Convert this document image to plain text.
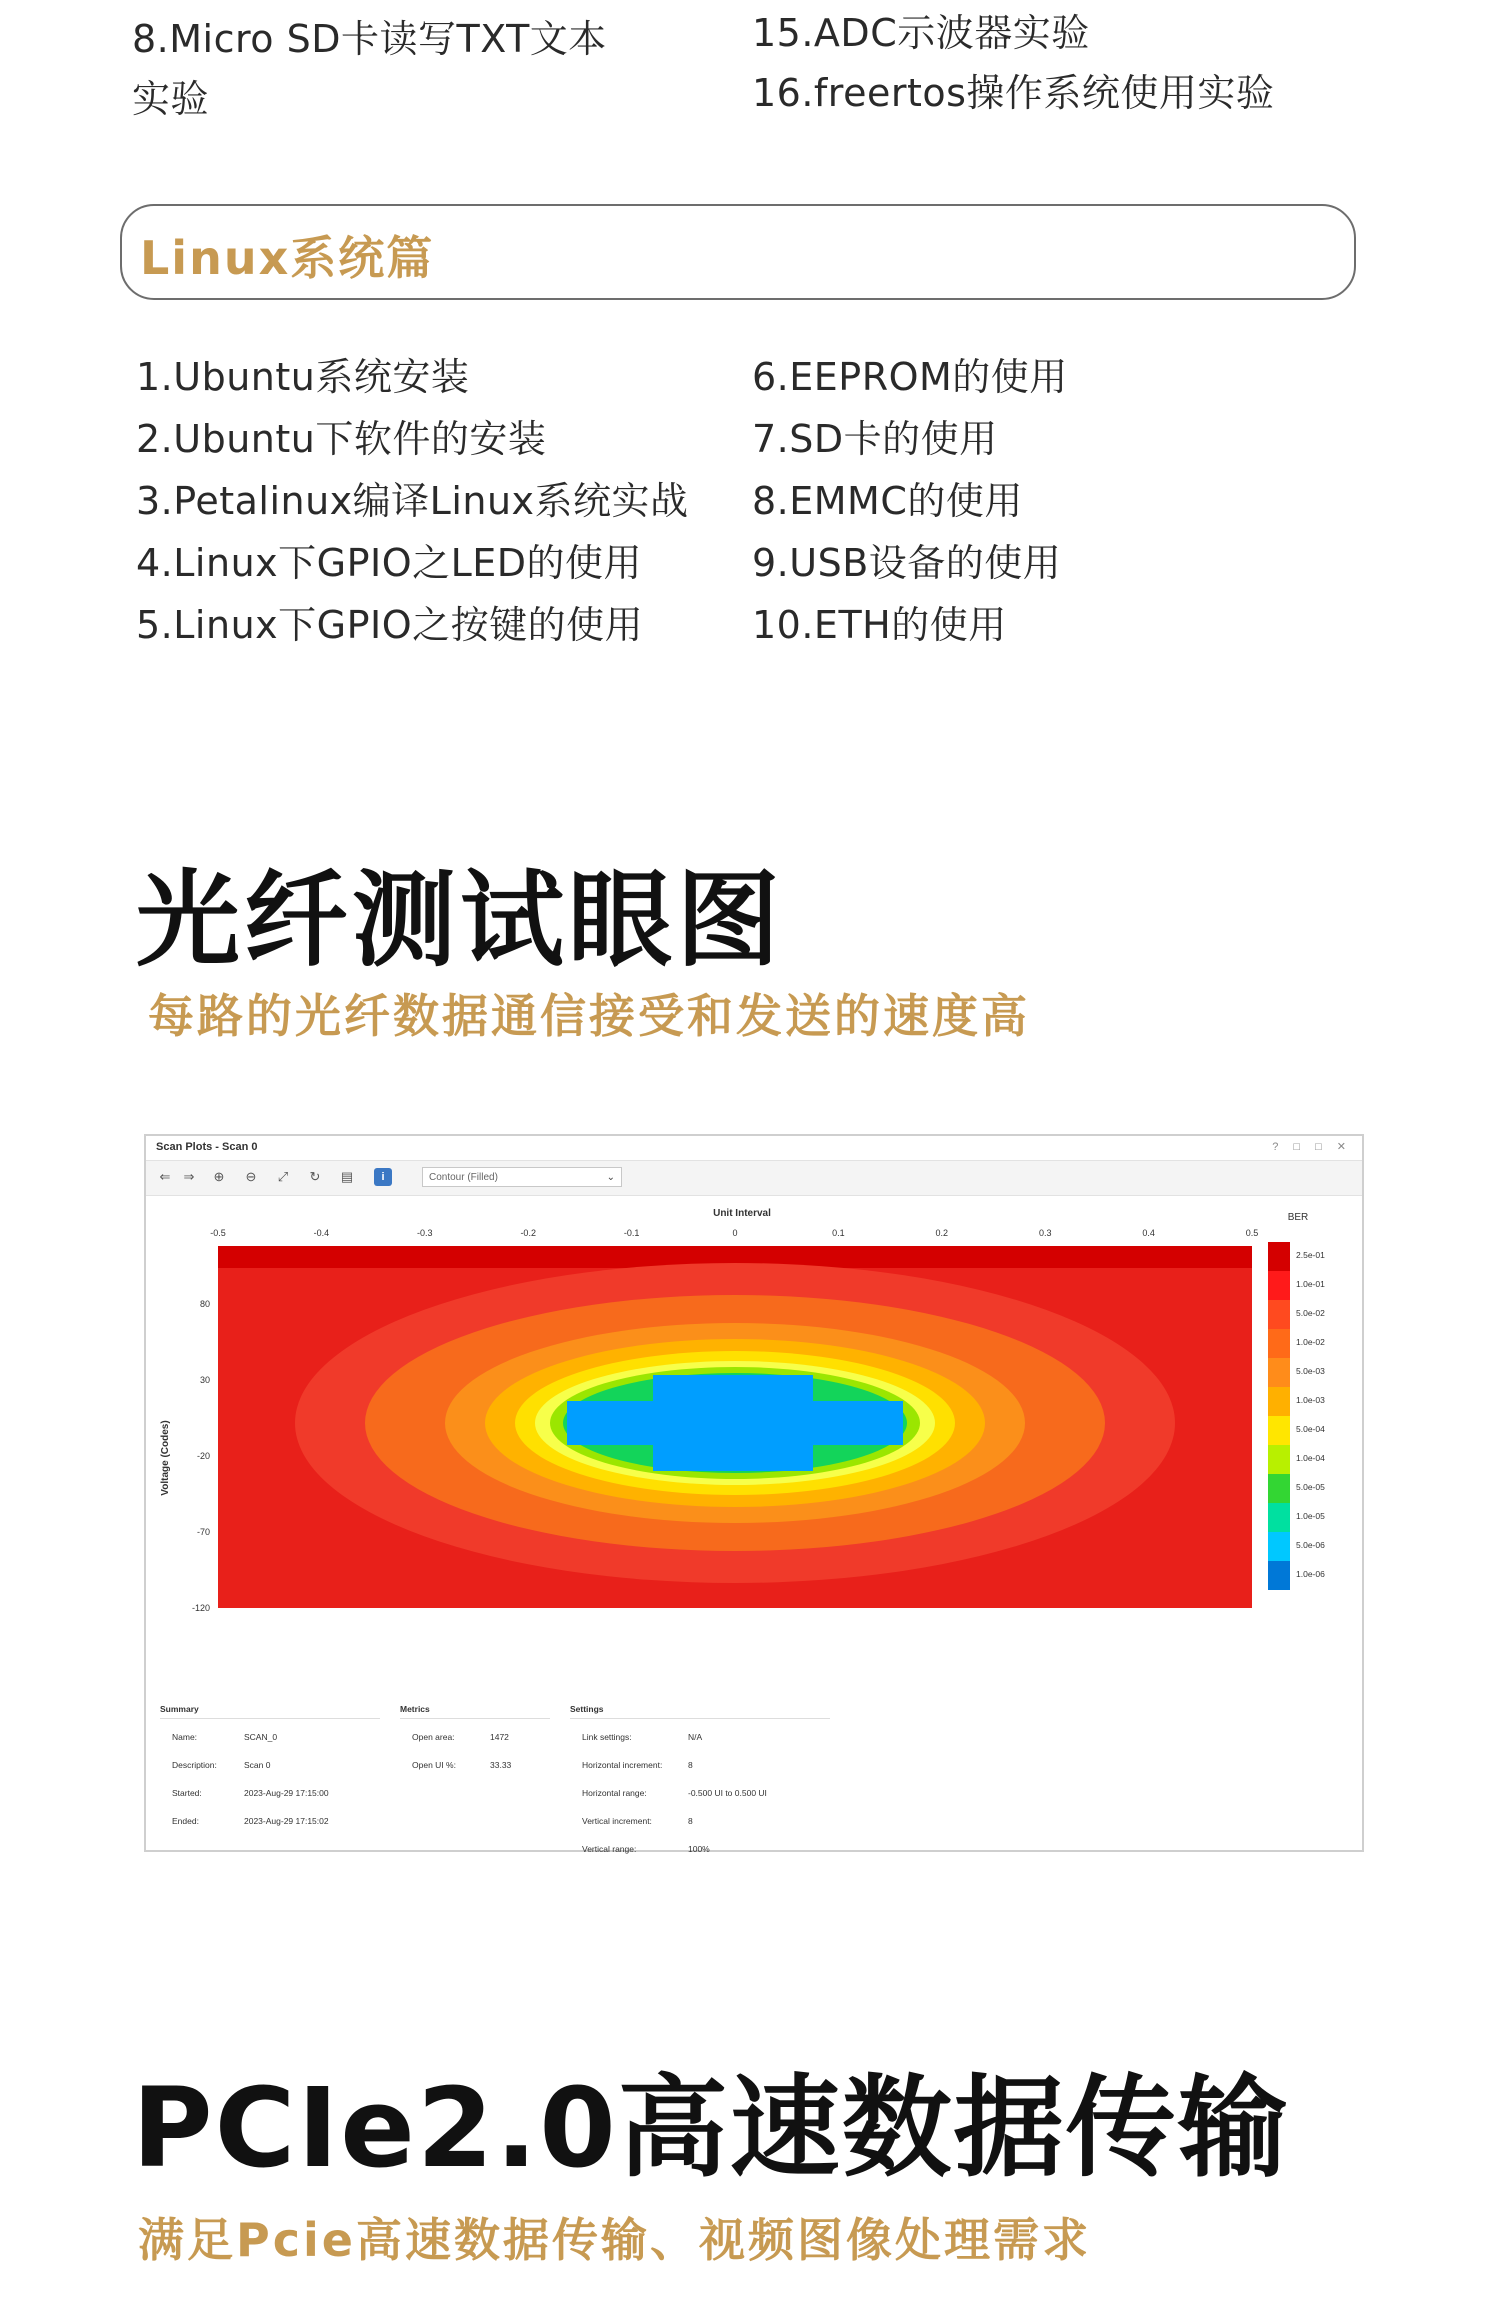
8.Micro SD卡读写TXT文本
实验
15.ADC示波器实验
16.freertos操作系统使用实验
Linux系统篇
1.Ubuntu系统安装
2.Ubuntu下软件的安装
3.Petalinux编译Linux系统实战
4.Linux下GPIO之LED的使用
5.Linux下GPIO之按键的使用
6.EEPROM的使用
7.SD卡的使用
8.EMMC的使用
9.USB设备的使用
10.ETH的使用
光纤测试眼图
每路的光纤数据通信接受和发送的速度高
Scan Plots - Scan 0	? □ □ ✕
⇐ ⇒ ⊕ ⊖ ⤢ ↻ ▤	i	Contour (Filled)	⌄
Unit Interval	BER
Voltage (Codes)
-0.5	-0.4	-0.3	-0.2	-0.1	0	0.1	0.2	0.3	0.4	0.5
80
30
-20
-70
-120
2.5e-01
1.0e-01
5.0e-02
1.0e-02
5.0e-03
1.0e-03
5.0e-04
1.0e-04
5.0e-05
1.0e-05
5.0e-06
1.0e-06
Summary
Name:	SCAN_0
Description:	Scan 0
Started:	2023-Aug-29 17:15:00
Ended:	2023-Aug-29 17:15:02
Metrics
Open area:	1472
Open UI %:	33.33
Settings
Link settings:	N/A
Horizontal increment:	8
Horizontal range:	-0.500 UI to 0.500 UI
Vertical increment:	8
Vertical range:	100%
PCIe2.0高速数据传输
满足Pcie高速数据传输、视频图像处理需求
